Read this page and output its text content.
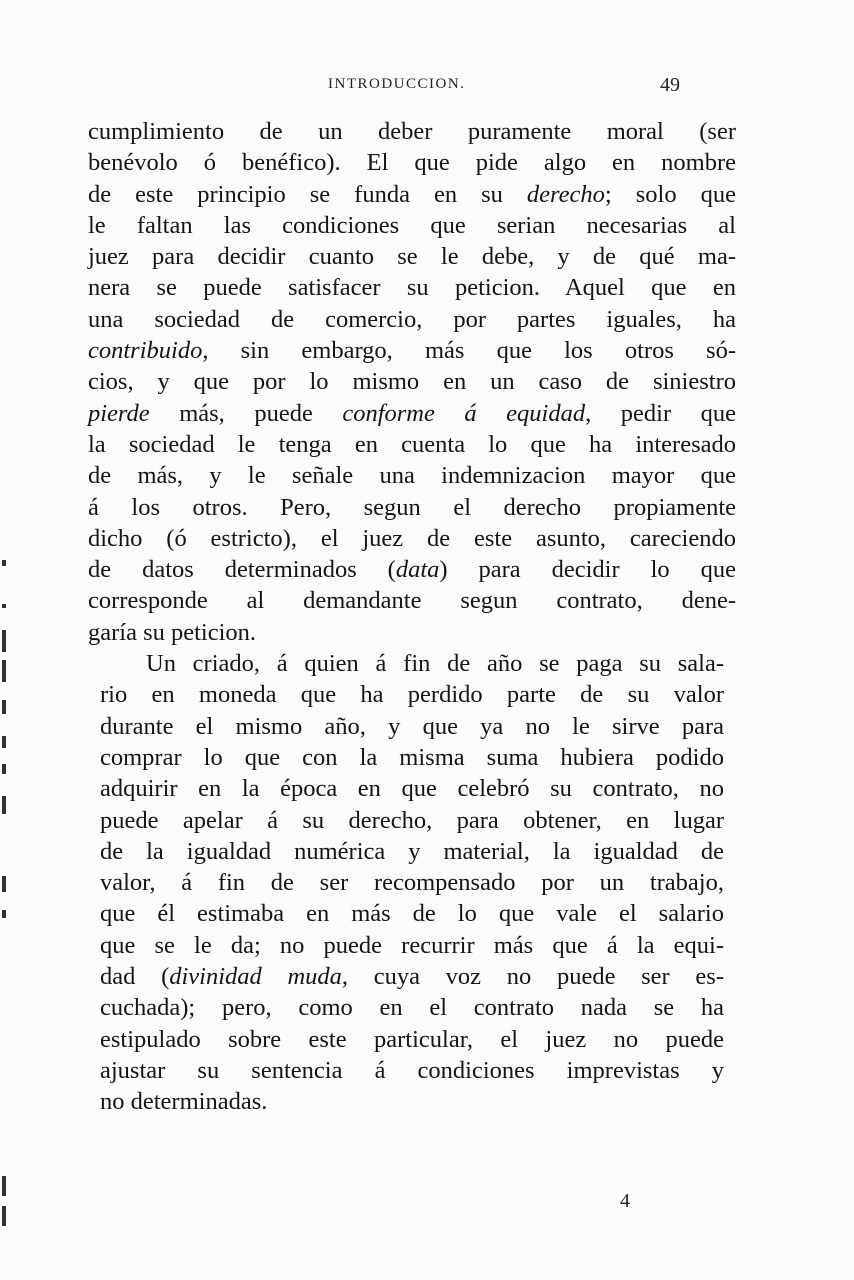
INTRODUCCION.	49
cumplimiento de un deber puramente moral (ser
benévolo ó benéfico). El que pide algo en nombre
de este principio se funda en su derecho; solo que
le faltan las condiciones que serian necesarias al
juez para decidir cuanto se le debe, y de qué ma-
nera se puede satisfacer su peticion. Aquel que en
una sociedad de comercio, por partes iguales, ha
contribuido, sin embargo, más que los otros só-
cios, y que por lo mismo en un caso de siniestro
pierde más, puede conforme á equidad, pedir que
la sociedad le tenga en cuenta lo que ha interesado
de más, y le señale una indemnizacion mayor que
á los otros. Pero, segun el derecho propiamente
dicho (ó estricto), el juez de este asunto, careciendo
de datos determinados (data) para decidir lo que
corresponde al demandante segun contrato, dene-
garía su peticion.
Un criado, á quien á fin de año se paga su sala-
rio en moneda que ha perdido parte de su valor
durante el mismo año, y que ya no le sirve para
comprar lo que con la misma suma hubiera podido
adquirir en la época en que celebró su contrato, no
puede apelar á su derecho, para obtener, en lugar
de la igualdad numérica y material, la igualdad de
valor, á fin de ser recompensado por un trabajo,
que él estimaba en más de lo que vale el salario
que se le da; no puede recurrir más que á la equi-
dad (divinidad muda, cuya voz no puede ser es-
cuchada); pero, como en el contrato nada se ha
estipulado sobre este particular, el juez no puede
ajustar su sentencia á condiciones imprevistas y
no determinadas.
4
